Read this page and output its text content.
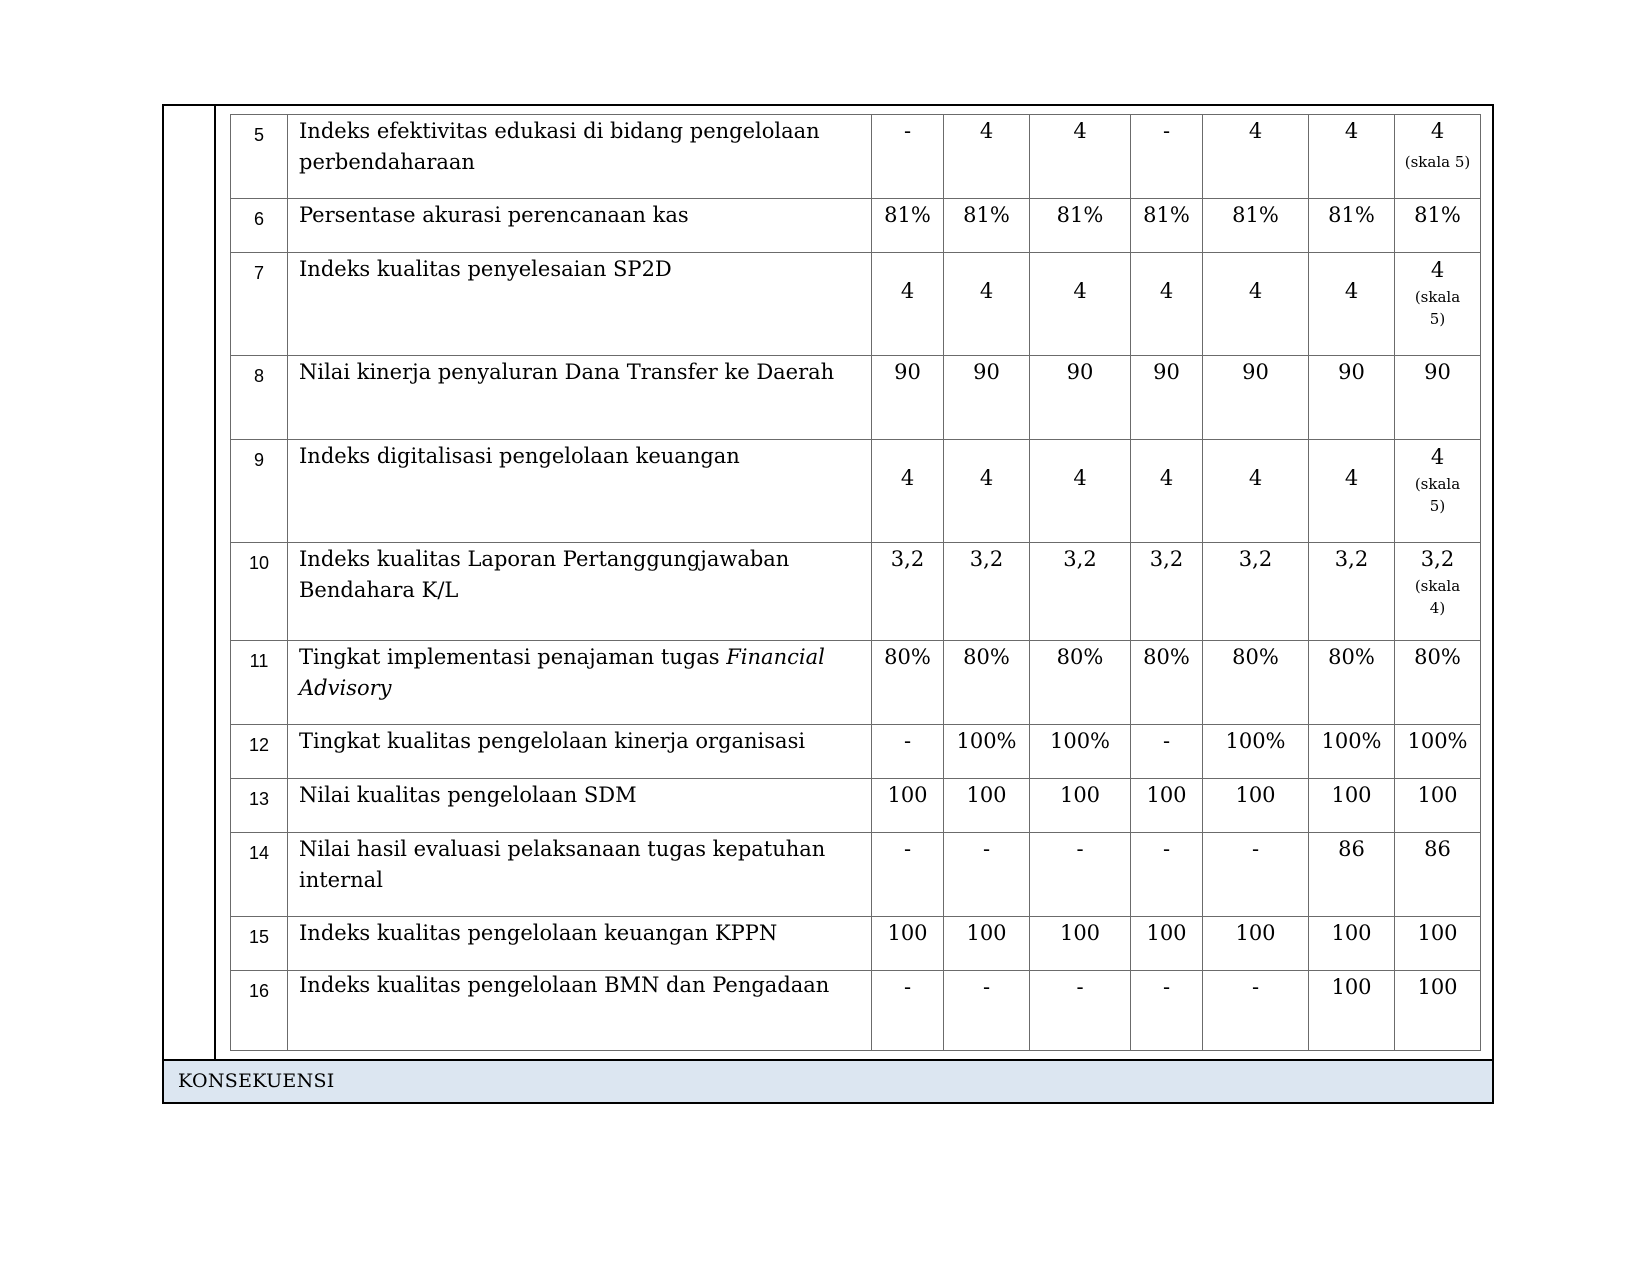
5	Indeks efektivitas edukasi di bidang pengelolaan perbendaharaan	-	4	4	-	4	4	4
(skala 5)

6	Persentase akurasi perencanaan kas	81%	81%	81%	81%	81%	81%	81%
7	Indeks kualitas penyelesaian SP2D	4	4	4	4	4	4	4
(skala 5)

8	Nilai kinerja penyaluran Dana Transfer ke Daerah	90	90	90	90	90	90	90
9	Indeks digitalisasi pengelolaan keuangan	4	4	4	4	4	4	4
(skala 5)

10	Indeks kualitas Laporan Pertanggungjawaban Bendahara K/L	3,2	3,2	3,2	3,2	3,2	3,2	3,2
(skala 4)

11	Tingkat implementasi penajaman tugas Financial Advisory	80%	80%	80%	80%	80%	80%	80%
12	Tingkat kualitas pengelolaan kinerja organisasi	-	100%	100%	-	100%	100%	100%
13	Nilai kualitas pengelolaan SDM	100	100	100	100	100	100	100
14	Nilai hasil evaluasi pelaksanaan tugas kepatuhan internal	-	-	-	-	-	86	86
15	Indeks kualitas pengelolaan keuangan KPPN	100	100	100	100	100	100	100
16	Indeks kualitas pengelolaan BMN dan Pengadaan	-	-	-	-	-	100	100
KONSEKUENSI
